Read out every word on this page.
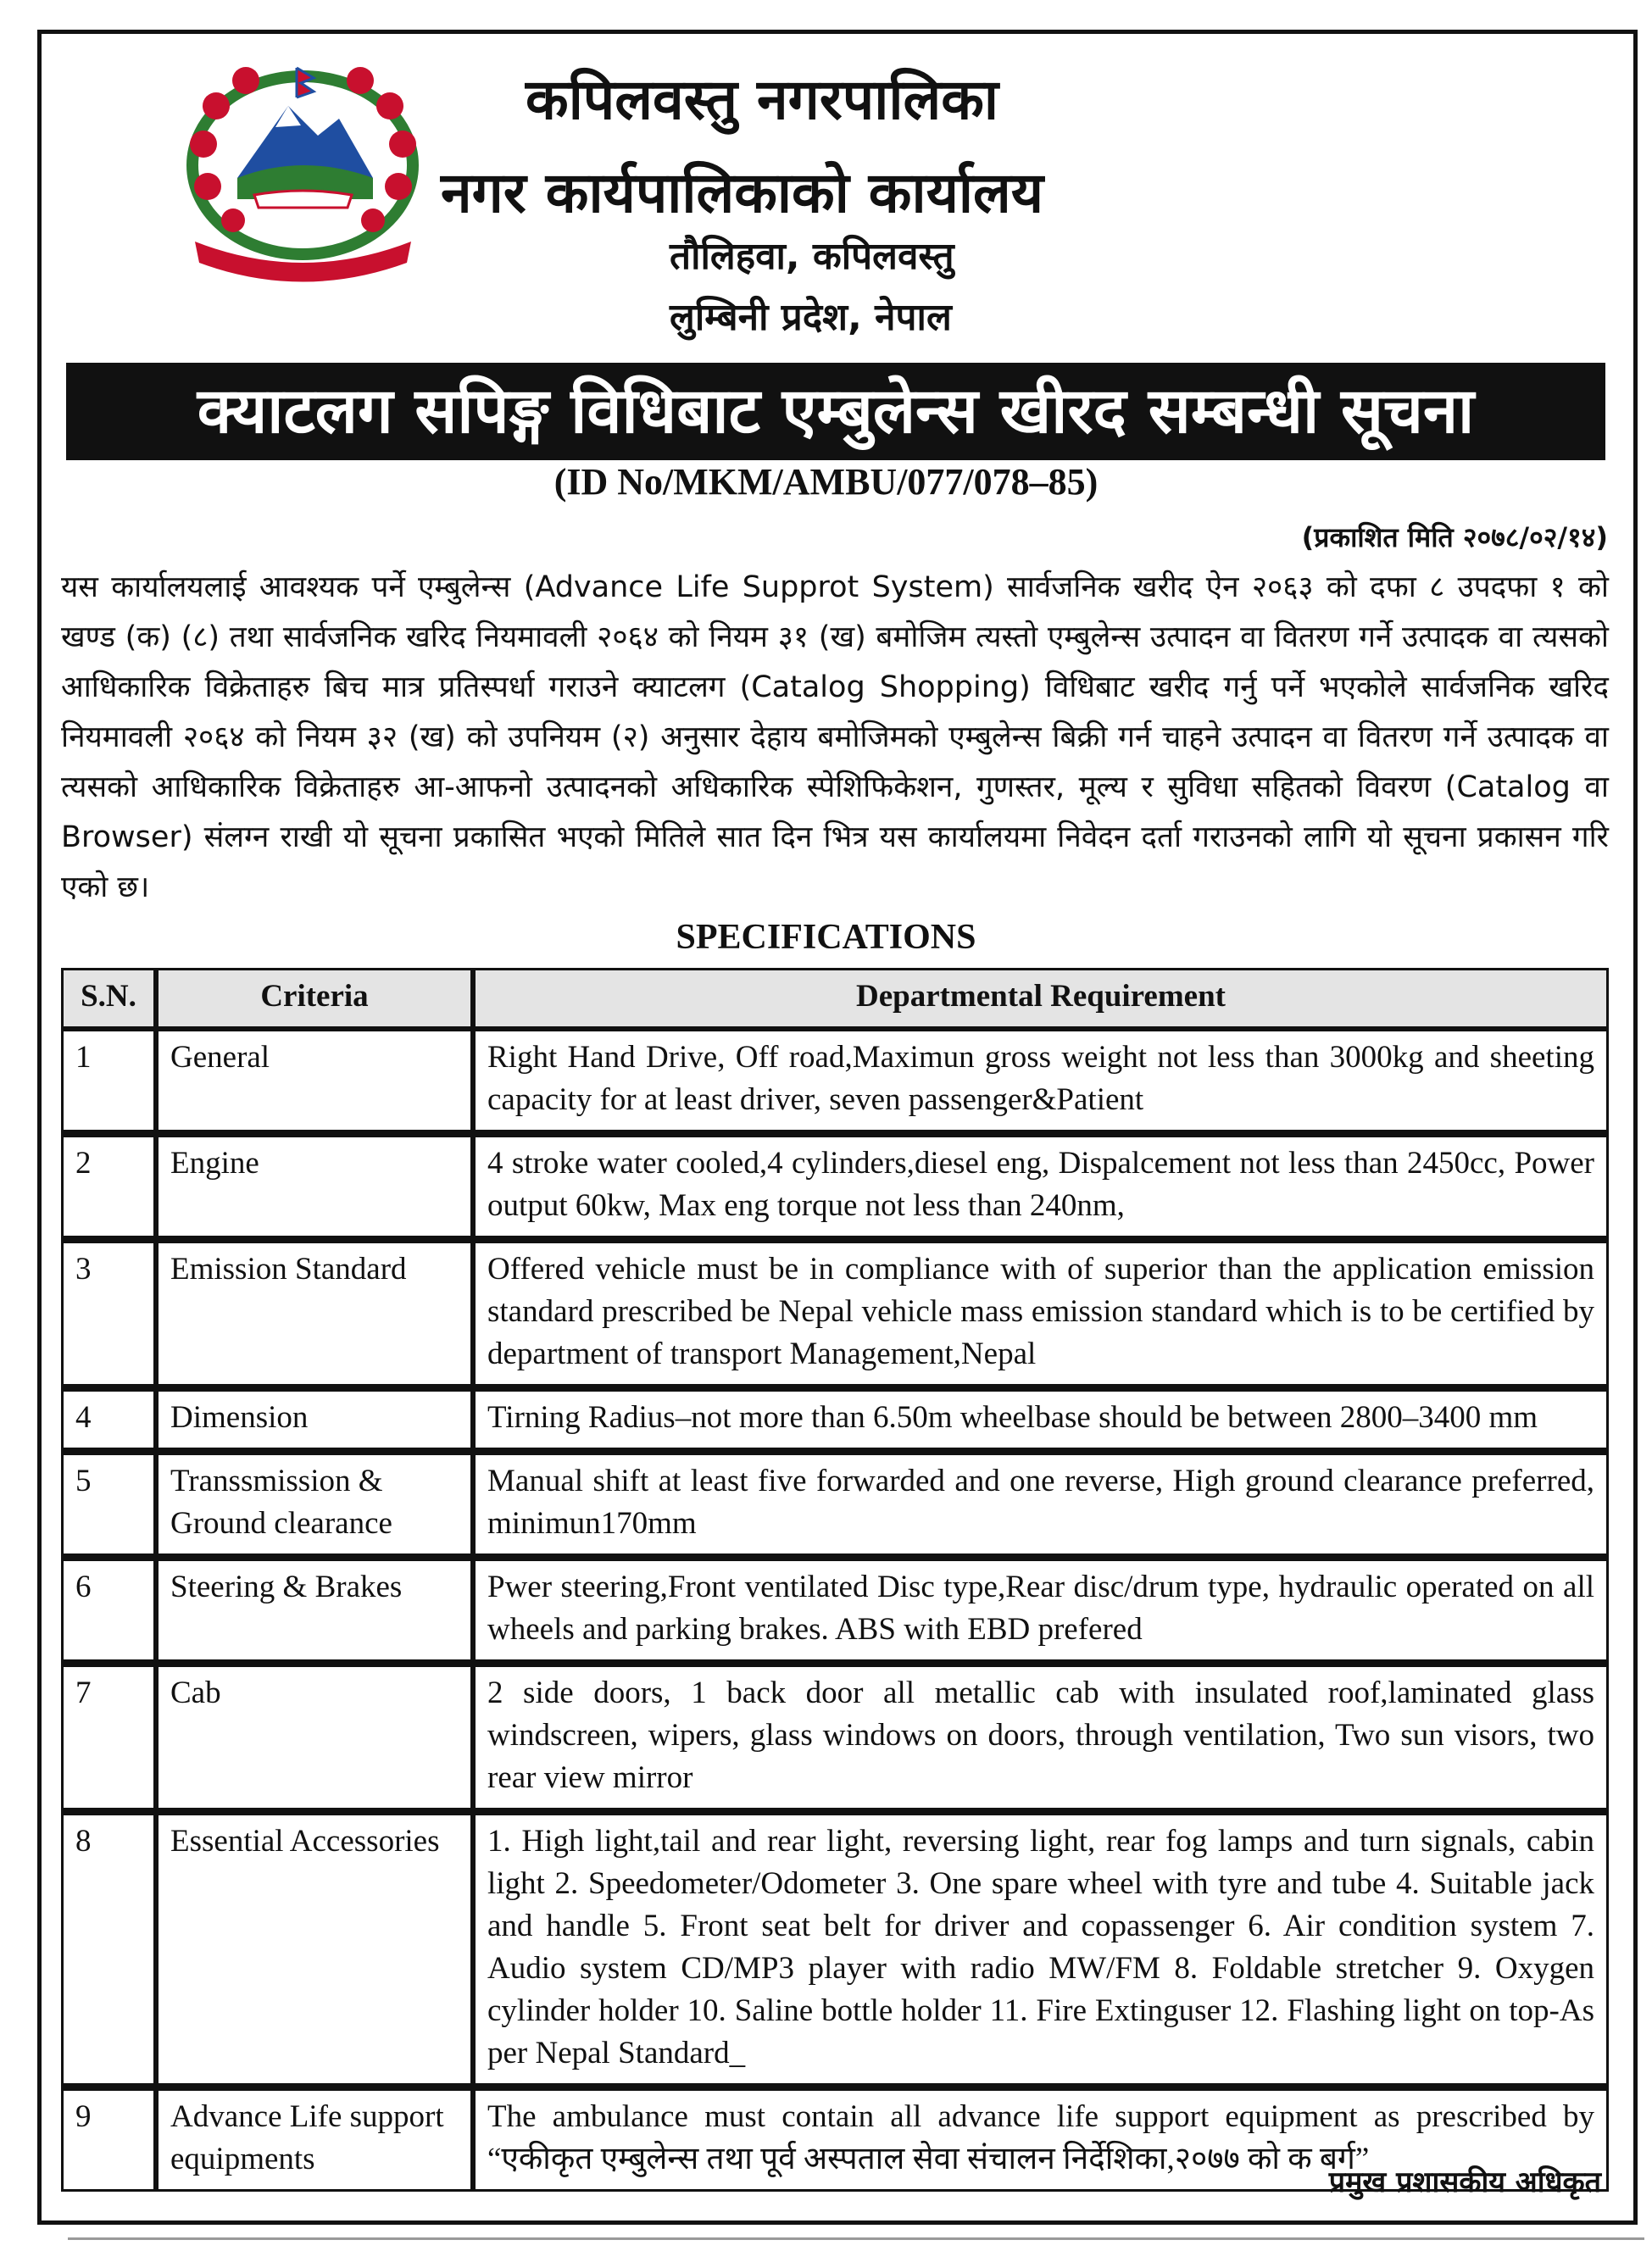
कपिलवस्तु नगरपालिका
नगर कार्यपालिकाको कार्यालय
तौलिहवा, कपिलवस्तु
लुम्बिनी प्रदेश, नेपाल
क्याटलग सपिङ्ग विधिबाट एम्बुलेन्स खीरद सम्बन्धी सूचना
(ID No/MKM/AMBU/077/078–85)
(प्रकाशित मिति २०७८/०२/१४)
यस कार्यालयलाई आवश्यक पर्ने एम्बुलेन्स (Advance Life Supprot System) सार्वजनिक खरीद ऐन २०६३ को दफा ८ उपदफा १ को खण्ड (क) (८) तथा सार्वजनिक खरिद नियमावली २०६४ को नियम ३१ (ख) बमोजिम त्यस्तो एम्बुलेन्स उत्पादन वा वितरण गर्ने उत्पादक वा त्यसको आधिकारिक विक्रेताहरु बिच मात्र प्रतिस्पर्धा गराउने क्याटलग (Catalog Shopping) विधिबाट खरीद गर्नु पर्ने भएकोले सार्वजनिक खरिद नियमावली २०६४ को नियम ३२ (ख) को उपनियम (२) अनुसार देहाय बमोजिमको एम्बुलेन्स बिक्री गर्न चाहने उत्पादन वा वितरण गर्ने उत्पादक वा त्यसको आधिकारिक विक्रेताहरु आ-आफनो उत्पादनको अधिकारिक स्पेशिफिकेशन, गुणस्तर, मूल्य र सुविधा सहितको विवरण (Catalog वा Browser) संलग्न राखी यो सूचना प्रकासित भएको मितिले सात दिन भित्र यस कार्यालयमा निवेदन दर्ता गराउनको लागि यो सूचना प्रकासन गरि एको छ।
SPECIFICATIONS
S.N.	Criteria	Departmental Requirement
1	General	Right Hand Drive, Off road,Maximun gross weight not less than 3000kg and sheeting capacity for at least driver, seven passenger&Patient
2	Engine	4 stroke water cooled,4 cylinders,diesel eng, Dispalcement not less than 2450cc, Power output 60kw, Max eng torque not less than 240nm,
3	Emission Standard	Offered vehicle must be in compliance with of superior than the application emission standard prescribed be Nepal vehicle mass emission standard which is to be certified by department of transport Management,Nepal
4	Dimension	Tirning Radius–not more than 6.50m wheelbase should be between 2800–3400 mm
5	Transsmission & Ground clearance	Manual shift at least five forwarded and one reverse, High ground clearance preferred, minimun170mm
6	Steering & Brakes	Pwer steering,Front ventilated Disc type,Rear disc/drum type, hydraulic operated on all wheels and parking brakes. ABS with EBD prefered
7	Cab	2 side doors, 1 back door all metallic cab with insulated roof,laminated glass windscreen, wipers, glass windows on doors, through ventilation, Two sun visors, two rear view mirror
8	Essential Accessories	1. High light,tail and rear light, reversing light, rear fog lamps and turn signals, cabin light 2. Speedometer/Odometer 3. One spare wheel with tyre and tube 4. Suitable jack and handle 5. Front seat belt for driver and copassenger 6. Air condition system 7. Audio system CD/MP3 player with radio MW/FM 8. Foldable stretcher 9. Oxygen cylinder holder 10. Saline bottle holder 11. Fire Extinguser 12. Flashing light on top-As per Nepal Standard_
9	Advance Life support equipments	The ambulance must contain all advance life support equipment as prescribed by “एकीकृत एम्बुलेन्स तथा पूर्व अस्पताल सेवा संचालन निर्देशिका,२०७७ को क बर्ग”
प्रमुख प्रशासकीय अधिकृत
